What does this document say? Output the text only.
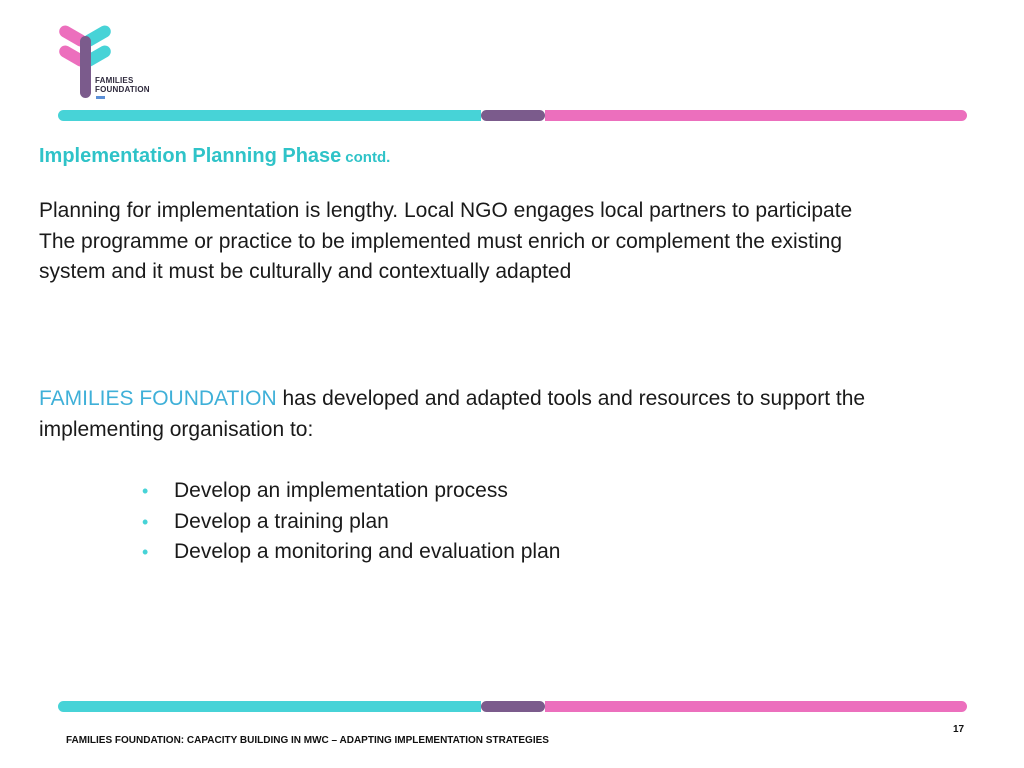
FAMILIES
FOUNDATION
Implementation Planning Phase contd.
Planning for implementation is lengthy. Local NGO engages local partners to participate
The programme or practice to be implemented must enrich or complement the existing
system and it must be culturally and contextually adapted
FAMILIES FOUNDATION has developed and adapted tools and resources to support the implementing organisation to:
•	Develop an implementation process
•	Develop a training plan
•	Develop a monitoring and evaluation plan
17
FAMILIES FOUNDATION: CAPACITY BUILDING IN MWC – ADAPTING IMPLEMENTATION STRATEGIES
